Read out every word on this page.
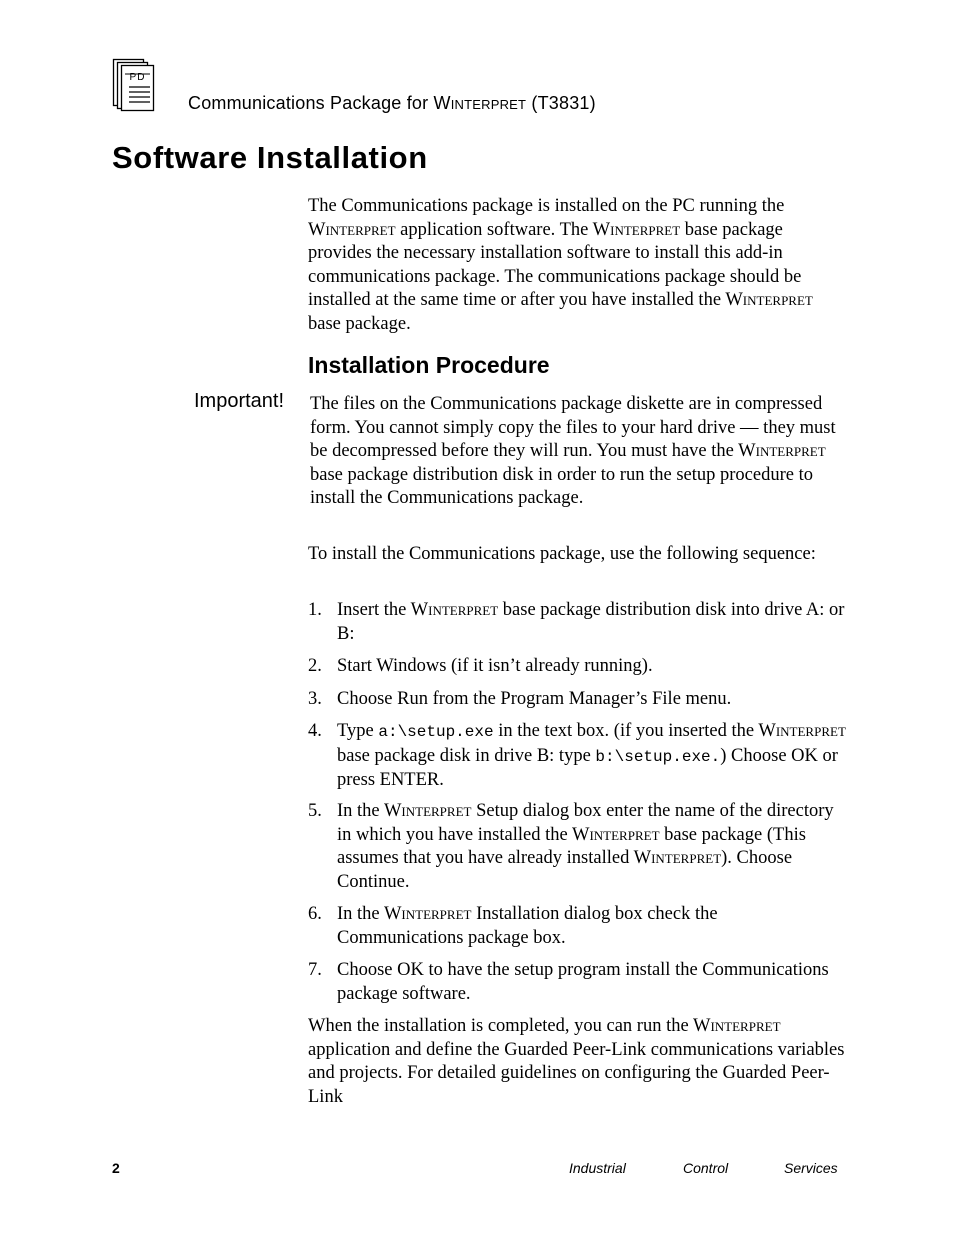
PD
Communications Package for WINTERPRET (T3831)
Software Installation

The Communications package is installed on the PC running the Winterpret application software. The Winterpret base package provides the necessary installation software to install this add-in communications package. The communications package should be installed at the same time or after you have installed the Winterpret base package.

Installation Procedure
Important! The files on the Communications package diskette are in compressed form. You cannot simply copy the files to your hard drive — they must be decompressed before they will run. You must have the Winterpret base package distribution disk in order to run the setup procedure to install the Communications package.

To install the Communications package, use the following sequence:
1. Insert the Winterpret base package distribution disk into drive A: or B:
2. Start Windows (if it isn’t already running).
3. Choose Run from the Program Manager’s File menu.
4. Type a:\setup.exe in the text box. (if you inserted the Winterpret base package disk in drive B: type b:\setup.exe.) Choose OK or press ENTER.
5. In the Winterpret Setup dialog box enter the name of the directory in which you have installed the Winterpret base package (This assumes that you have already installed Winterpret). Choose Continue.
6. In the Winterpret Installation dialog box check the Communications package box.
7. Choose OK to have the setup program install the Communications package software.

When the installation is completed, you can run the Winterpret application and define the Guarded Peer-Link communications variables and projects. For detailed guidelines on configuring the Guarded Peer-Link

2	Industrial	Control	Services
